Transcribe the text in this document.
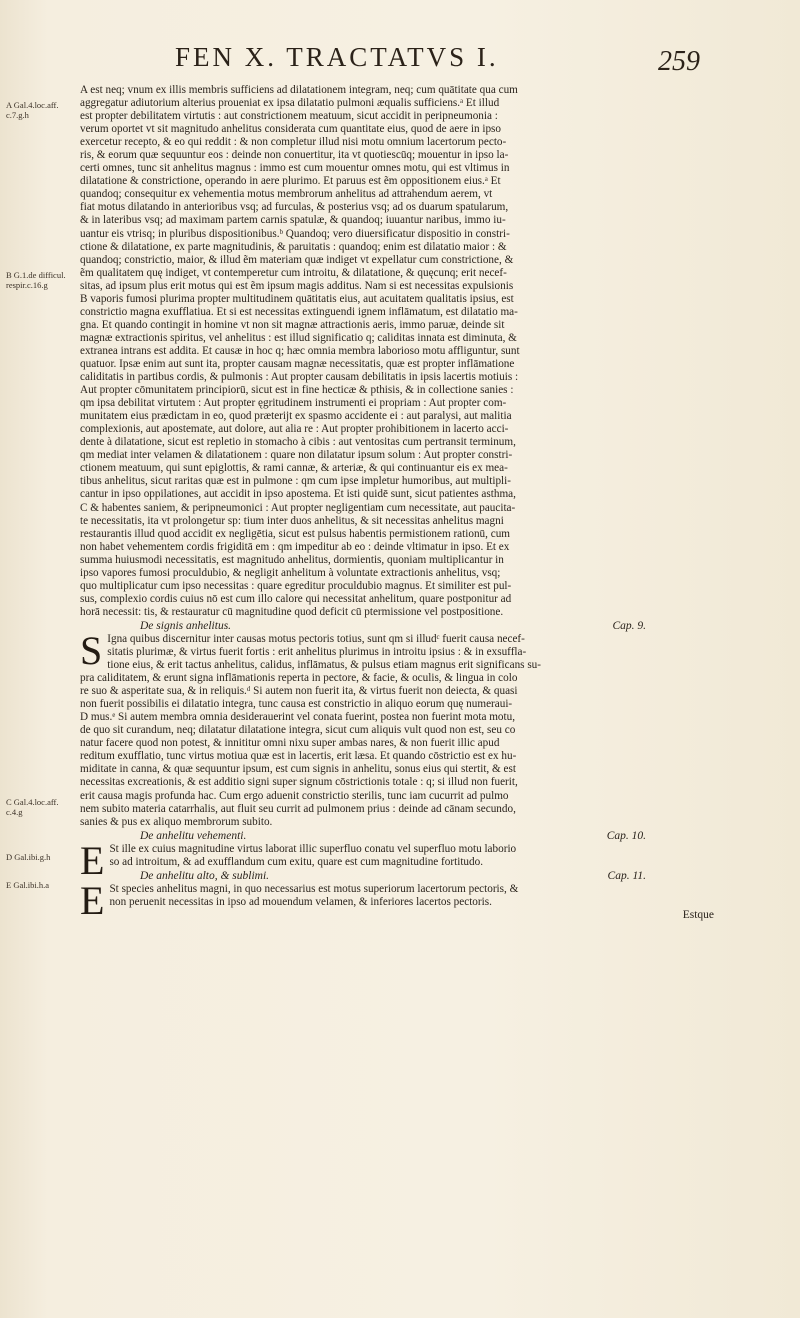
FEN X. TRACTATVS I.	259
A Gal.4.loc.aff. c.7.g.h
B G.1.de difficul. respir.c.16.g
C Gal.4.loc.aff. c.4.g
D Gal.ibi.g.h
E Gal.ibi.h.a

A est neq; vnum ex illis membris sufficiens ad dilatationem integram, neq; cum quātitate qua cum
aggregatur adiutorium alterius proueniat ex ipsa dilatatio pulmoni æqualis sufficiens.ᵃ Et illud
est propter debilitatem virtutis : aut constrictionem meatuum, sicut accidit in peripneumonia :
verum oportet vt sit magnitudo anhelitus considerata cum quantitate eius, quod de aere in ipso
exercetur recepto, & eo qui reddit : & non completur illud nisi motu omnium lacertorum pecto-
ris, & eorum quæ sequuntur eos : deinde non conuertitur, ita vt quotiescūq; mouentur in ipso la-
certi omnes, tunc sit anhelitus magnus : immo est cum mouentur omnes motu, qui est vltimus in
dilatatione & constrictione, operando in aere plurimo. Et paruus est ẽm oppositionem eius.ᵃ Et
quandoq; consequitur ex vehementia motus membrorum anhelitus ad attrahendum aerem, vt
fiat motus dilatando in anterioribus vsq; ad furculas, & posterius vsq; ad os duarum spatularum,
& in lateribus vsq; ad maximam partem carnis spatulæ, & quandoq; iuuantur naribus, immo iu-
uantur eis vtrisq; in pluribus dispositionibus.ᵇ Quandoq; vero diuersificatur dispositio in constri-
ctione & dilatatione, ex parte magnitudinis, & paruitatis : quandoq; enim est dilatatio maior : &
quandoq; constrictio, maior, & illud ẽm materiam quæ indiget vt expellatur cum constrictione, &
ẽm qualitatem quę indiget, vt contemperetur cum introitu, & dilatatione, & quęcunq; erit necef-
sitas, ad ipsum plus erit motus qui est ẽm ipsum magis additus. Nam si est necessitas expulsionis
B vaporis fumosi plurima propter multitudinem quātitatis eius, aut acuitatem qualitatis ipsius, est
constrictio magna exufflatiua. Et si est necessitas extinguendi ignem inflāmatum, est dilatatio ma-
gna. Et quando contingit in homine vt non sit magnæ attractionis aeris, immo paruæ, deinde sit
magnæ extractionis spiritus, vel anhelitus : est illud significatio q; caliditas innata est diminuta, &
extranea intrans est addita. Et causæ in hoc q; hæc omnia membra laborioso motu affliguntur, sunt
quatuor. Ipsæ enim aut sunt ita, propter causam magnæ necessitatis, quæ est propter inflāmatione
caliditatis in partibus cordis, & pulmonis : Aut propter causam debilitatis in ipsis lacertis motiuis :
Aut propter cōmunitatem principiorū, sicut est in fine hecticæ & pthisis, & in collectione sanies :
qm ipsa debilitat virtutem : Aut propter ęgritudinem instrumenti ei propriam : Aut propter com-
munitatem eius prædictam in eo, quod præterijt ex spasmo accidente ei : aut paralysi, aut malitia
complexionis, aut apostemate, aut dolore, aut alia re : Aut propter prohibitionem in lacerto acci-
dente à dilatatione, sicut est repletio in stomacho à cibis : aut ventositas cum pertransit terminum,
qm mediat inter velamen & dilatationem : quare non dilatatur ipsum solum : Aut propter constri-
ctionem meatuum, qui sunt epiglottis, & rami cannæ, & arteriæ, & qui continuantur eis ex mea-
tibus anhelitus, sicut raritas quæ est in pulmone : qm cum ipse impletur humoribus, aut multipli-
cantur in ipso oppilationes, aut accidit in ipso apostema. Et isti quidē sunt, sicut patientes asthma,
C & habentes saniem, & peripneumonici : Aut propter negligentiam cum necessitate, aut paucita-
te necessitatis, ita vt prolongetur sp: tium inter duos anhelitus, & sit necessitas anhelitus magni
restaurantis illud quod accidit ex negligētia, sicut est pulsus habentis permistionem rationū, cum
non habet vehementem cordis frigiditā em : qm impeditur ab eo : deinde vltimatur in ipso. Et ex
summa huiusmodi necessitatis, est magnitudo anhelitus, dormientis, quoniam multiplicantur in
ipso vapores fumosi proculdubio, & negligit anhelitum à voluntate extractionis anhelitus, vsq;
quo multiplicatur cum ipso necessitas : quare egreditur proculdubio magnus. Et similiter est pul-
sus, complexio cordis cuius nō est cum illo calore qui necessitat anhelitum, quare postponitur ad
horā necessit: tis, & restauratur cū magnitudine quod deficit cū ptermissione vel postpositione.

De signis anhelitus.	Cap. 9.

S Igna quibus discernitur inter causas motus pectoris totius, sunt qm si illudᶜ fuerit causa necef-
sitatis plurimæ, & virtus fuerit fortis : erit anhelitus plurimus in introitu ipsius : & in exsuffla-
tione eius, & erit tactus anhelitus, calidus, inflāmatus, & pulsus etiam magnus erit significans su-
pra caliditatem, & erunt signa inflāmationis reperta in pectore, & facie, & oculis, & lingua in colo
re suo & asperitate sua, & in reliquis.ᵈ Si autem non fuerit ita, & virtus fuerit non deiecta, & quasi
non fuerit possibilis ei dilatatio integra, tunc causa est constrictio in aliquo eorum quę numeraui-
D mus.ᵉ Si autem membra omnia desiderauerint vel conata fuerint, postea non fuerint mota motu,
de quo sit curandum, neq; dilatatur dilatatione integra, sicut cum aliquis vult quod non est, seu co
natur facere quod non potest, & innititur omni nixu super ambas nares, & non fuerit illic apud
reditum exufflatio, tunc virtus motiua quæ est in lacertis, erit læsa. Et quando cōstrictio est ex hu-
miditate in canna, & quæ sequuntur ipsum, est cum signis in anhelitu, sonus eius qui stertit, & est
necessitas excreationis, & est additio signi super signum cōstrictionis totale : q; si illud non fuerit,
erit causa magis profunda hac. Cum ergo aduenit constrictio sterilis, tunc iam cucurrit ad pulmo
nem subito materia catarrhalis, aut fluit seu currit ad pulmonem prius : deinde ad cānam secundo,
sanies & pus ex aliquo membrorum subito.

De anhelitu vehementi.	Cap. 10.

E St ille ex cuius magnitudine virtus laborat illic superfluo conatu vel superfluo motu laborio
so ad introitum, & ad exufflandum cum exitu, quare est cum magnitudine fortitudo.

De anhelitu alto, & sublimi.	Cap. 11.

E St species anhelitus magni, in quo necessarius est motus superiorum lacertorum pectoris, &
non peruenit necessitas in ipso ad mouendum velamen, & inferiores lacertos pectoris.

Estque
